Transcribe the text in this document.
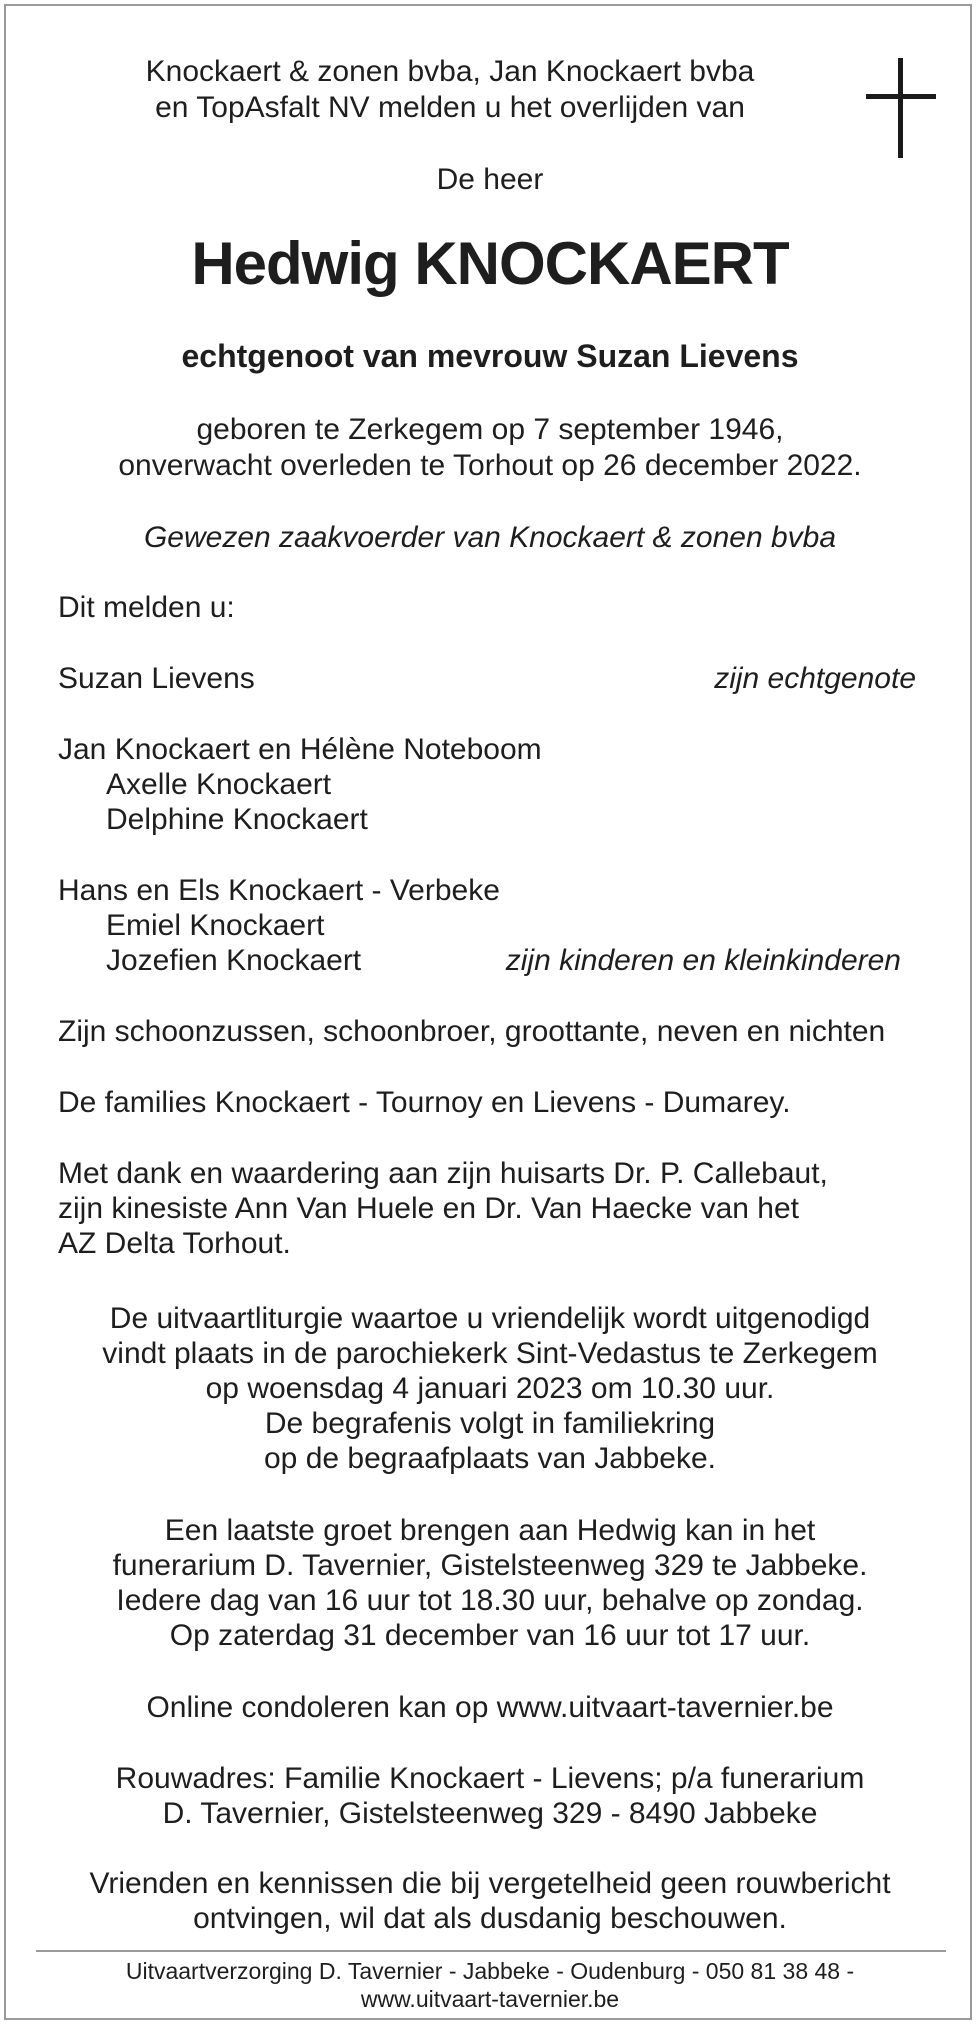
Knockaert & zonen bvba, Jan Knockaert bvba
en TopAsfalt NV melden u het overlijden van
De heer
Hedwig KNOCKAERT
echtgenoot van mevrouw Suzan Lievens
geboren te Zerkegem op 7 september 1946,
onverwacht overleden te Torhout op 26 december 2022.
Gewezen zaakvoerder van Knockaert & zonen bvba
Dit melden u:
Suzan Lievens	zijn echtgenote
Jan Knockaert en Hélène Noteboom
Axelle Knockaert
Delphine Knockaert
Hans en Els Knockaert - Verbeke
Emiel Knockaert
Jozefien Knockaert	zijn kinderen en kleinkinderen
Zijn schoonzussen, schoonbroer, groottante, neven en nichten
De families Knockaert - Tournoy en Lievens - Dumarey.
Met dank en waardering aan zijn huisarts Dr. P. Callebaut,
zijn kinesiste Ann Van Huele en Dr. Van Haecke van het
AZ Delta Torhout.
De uitvaartliturgie waartoe u vriendelijk wordt uitgenodigd
vindt plaats in de parochiekerk Sint-Vedastus te Zerkegem
op woensdag 4 januari 2023 om 10.30 uur.
De begrafenis volgt in familiekring
op de begraafplaats van Jabbeke.
Een laatste groet brengen aan Hedwig kan in het
funerarium D. Tavernier, Gistelsteenweg 329 te Jabbeke.
Iedere dag van 16 uur tot 18.30 uur, behalve op zondag.
Op zaterdag 31 december van 16 uur tot 17 uur.
Online condoleren kan op www.uitvaart-tavernier.be
Rouwadres: Familie Knockaert - Lievens; p/a funerarium
D. Tavernier, Gistelsteenweg 329 - 8490 Jabbeke
Vrienden en kennissen die bij vergetelheid geen rouwbericht
ontvingen, wil dat als dusdanig beschouwen.
Uitvaartverzorging D. Tavernier - Jabbeke - Oudenburg - 050 81 38 48 -
www.uitvaart-tavernier.be
